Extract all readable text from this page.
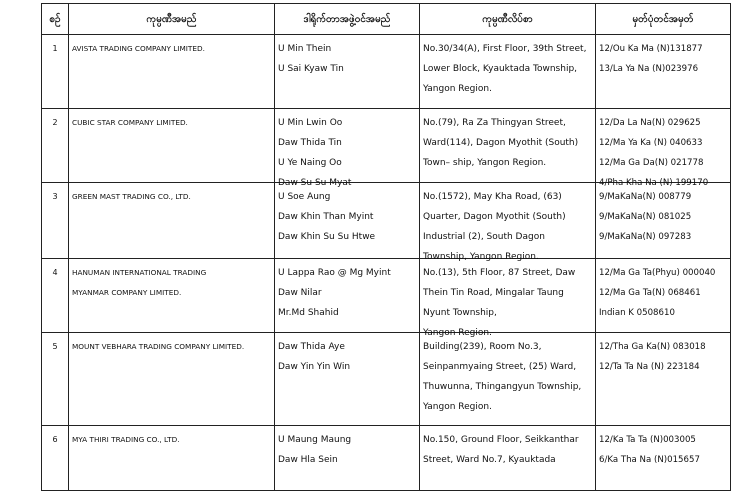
စဉ်	ကုမ္ပဏီအမည်	ဒါရိုက်တာအဖွဲ့ဝင်အမည်	ကုမ္ပဏီလိပ်စာ	မှတ်ပုံတင်အမှတ်

1	AVISTA TRADING COMPANY LIMITED.	U Min Thein
U Sai Kyaw Tin	No.30/34(A), First Floor, 39th Street,
Lower Block, Kyauktada Township,
Yangon Region.	12/Ou Ka Ma (N)131877
13/La Ya Na (N)023976

2	CUBIC STAR COMPANY LIMITED.	U Min Lwin Oo
Daw Thida Tin
U Ye Naing Oo
Daw Su Su Myat	No.(79), Ra Za Thingyan Street,
Ward(114), Dagon Myothit (South)
Town– ship, Yangon Region.	12/Da La Na(N) 029625
12/Ma Ya Ka (N) 040633
12/Ma Ga Da(N) 021778
4/Pha Kha Na (N) 199170

3	GREEN MAST TRADING CO., LTD.	U Soe Aung
Daw Khin Than Myint
Daw Khin Su Su Htwe	No.(1572), May Kha Road, (63)
Quarter, Dagon Myothit (South)
Industrial (2), South Dagon
Township, Yangon Region.	9/MaKaNa(N) 008779
9/MaKaNa(N) 081025
9/MaKaNa(N) 097283

4	HANUMAN INTERNATIONAL TRADING
MYANMAR COMPANY LIMITED.	U Lappa Rao @ Mg Myint
Daw Nilar
Mr.Md Shahid	No.(13), 5th Floor, 87 Street, Daw
Thein Tin Road, Mingalar Taung
Nyunt Township,
Yangon Region.	12/Ma Ga Ta(Phyu) 000040
12/Ma Ga Ta(N) 068461
Indian K 0508610

5	MOUNT VEBHARA TRADING COMPANY LIMITED.	Daw Thida Aye
Daw Yin Yin Win	Building(239), Room No.3,
Seinpanmyaing Street, (25) Ward,
Thuwunna, Thingangyun Township,
Yangon Region.	12/Tha Ga Ka(N) 083018
12/Ta Ta Na (N) 223184

6	MYA THIRI TRADING CO., LTD.	U Maung Maung
Daw Hla Sein	No.150, Ground Floor, Seikkanthar
Street, Ward No.7, Kyauktada	12/Ka Ta Ta (N)003005
6/Ka Tha Na (N)015657
